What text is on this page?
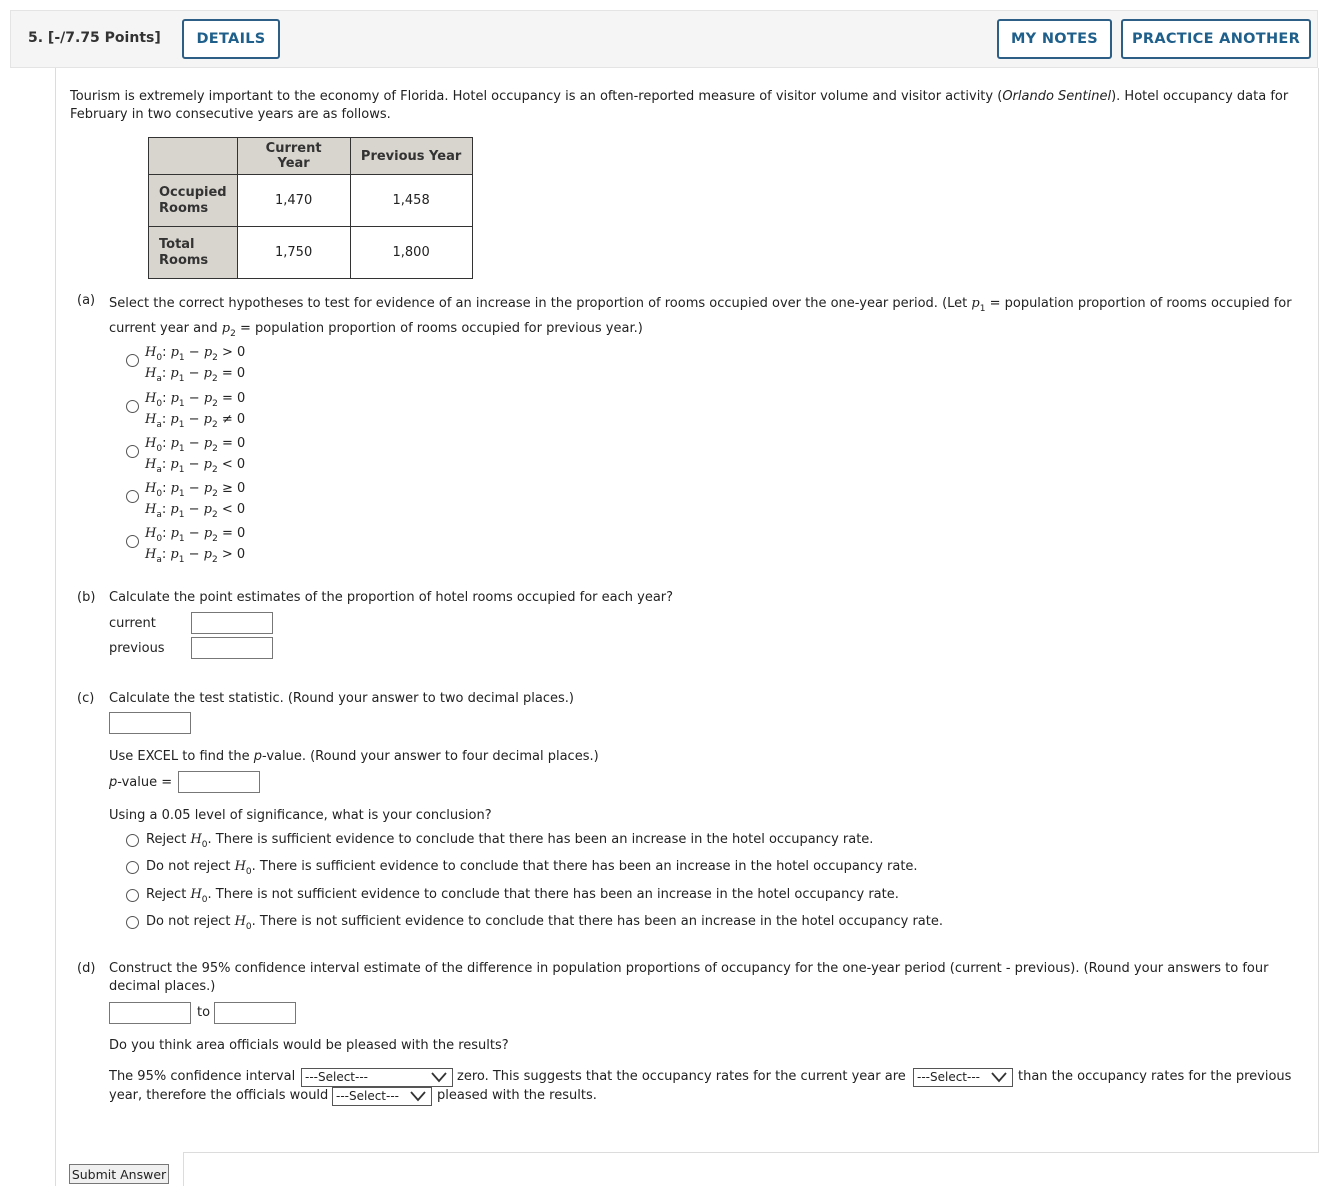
5. [-/7.75 Points]	DETAILS	MY NOTES	PRACTICE ANOTHER
Tourism is extremely important to the economy of Florida. Hotel occupancy is an often-reported measure of visitor volume and visitor activity (Orlando Sentinel). Hotel occupancy data for
February in two consecutive years are as follows.
	Current Year	Previous Year
Occupied
Rooms	1,470	1,458
Total
Rooms	1,750	1,800
(a) Select the correct hypotheses to test for evidence of an increase in the proportion of rooms occupied over the one-year period. (Let $p_1$ = population proportion of rooms occupied for
current year and $p_2$ = population proportion of rooms occupied for previous year.)
$H_0$: $p_1 - p_2 > 0$
$H_a$: $p_1 - p_2 = 0$
$H_0$: $p_1 - p_2 = 0$
$H_a$: $p_1 - p_2 \ne 0$
$H_0$: $p_1 - p_2 = 0$
$H_a$: $p_1 - p_2 < 0$
$H_0$: $p_1 - p_2 \ge 0$
$H_a$: $p_1 - p_2 < 0$
$H_0$: $p_1 - p_2 = 0$
$H_a$: $p_1 - p_2 > 0$
(b) Calculate the point estimates of the proportion of hotel rooms occupied for each year?
current
previous
(c) Calculate the test statistic. (Round your answer to two decimal places.)
Use EXCEL to find the p-value. (Round your answer to four decimal places.)
p-value =
Using a 0.05 level of significance, what is your conclusion?
Reject $H_0$. There is sufficient evidence to conclude that there has been an increase in the hotel occupancy rate.
Do not reject $H_0$. There is sufficient evidence to conclude that there has been an increase in the hotel occupancy rate.
Reject $H_0$. There is not sufficient evidence to conclude that there has been an increase in the hotel occupancy rate.
Do not reject $H_0$. There is not sufficient evidence to conclude that there has been an increase in the hotel occupancy rate.
(d) Construct the 95% confidence interval estimate of the difference in population proportions of occupancy for the one-year period (current - previous). (Round your answers to four
decimal places.)
to
Do you think area officials would be pleased with the results?
The 95% confidence interval ---Select---	zero. This suggests that the occupancy rates for the current year are ---Select---	than the occupancy rates for the previous
year, therefore the officials would ---Select---	pleased with the results.
Submit Answer
